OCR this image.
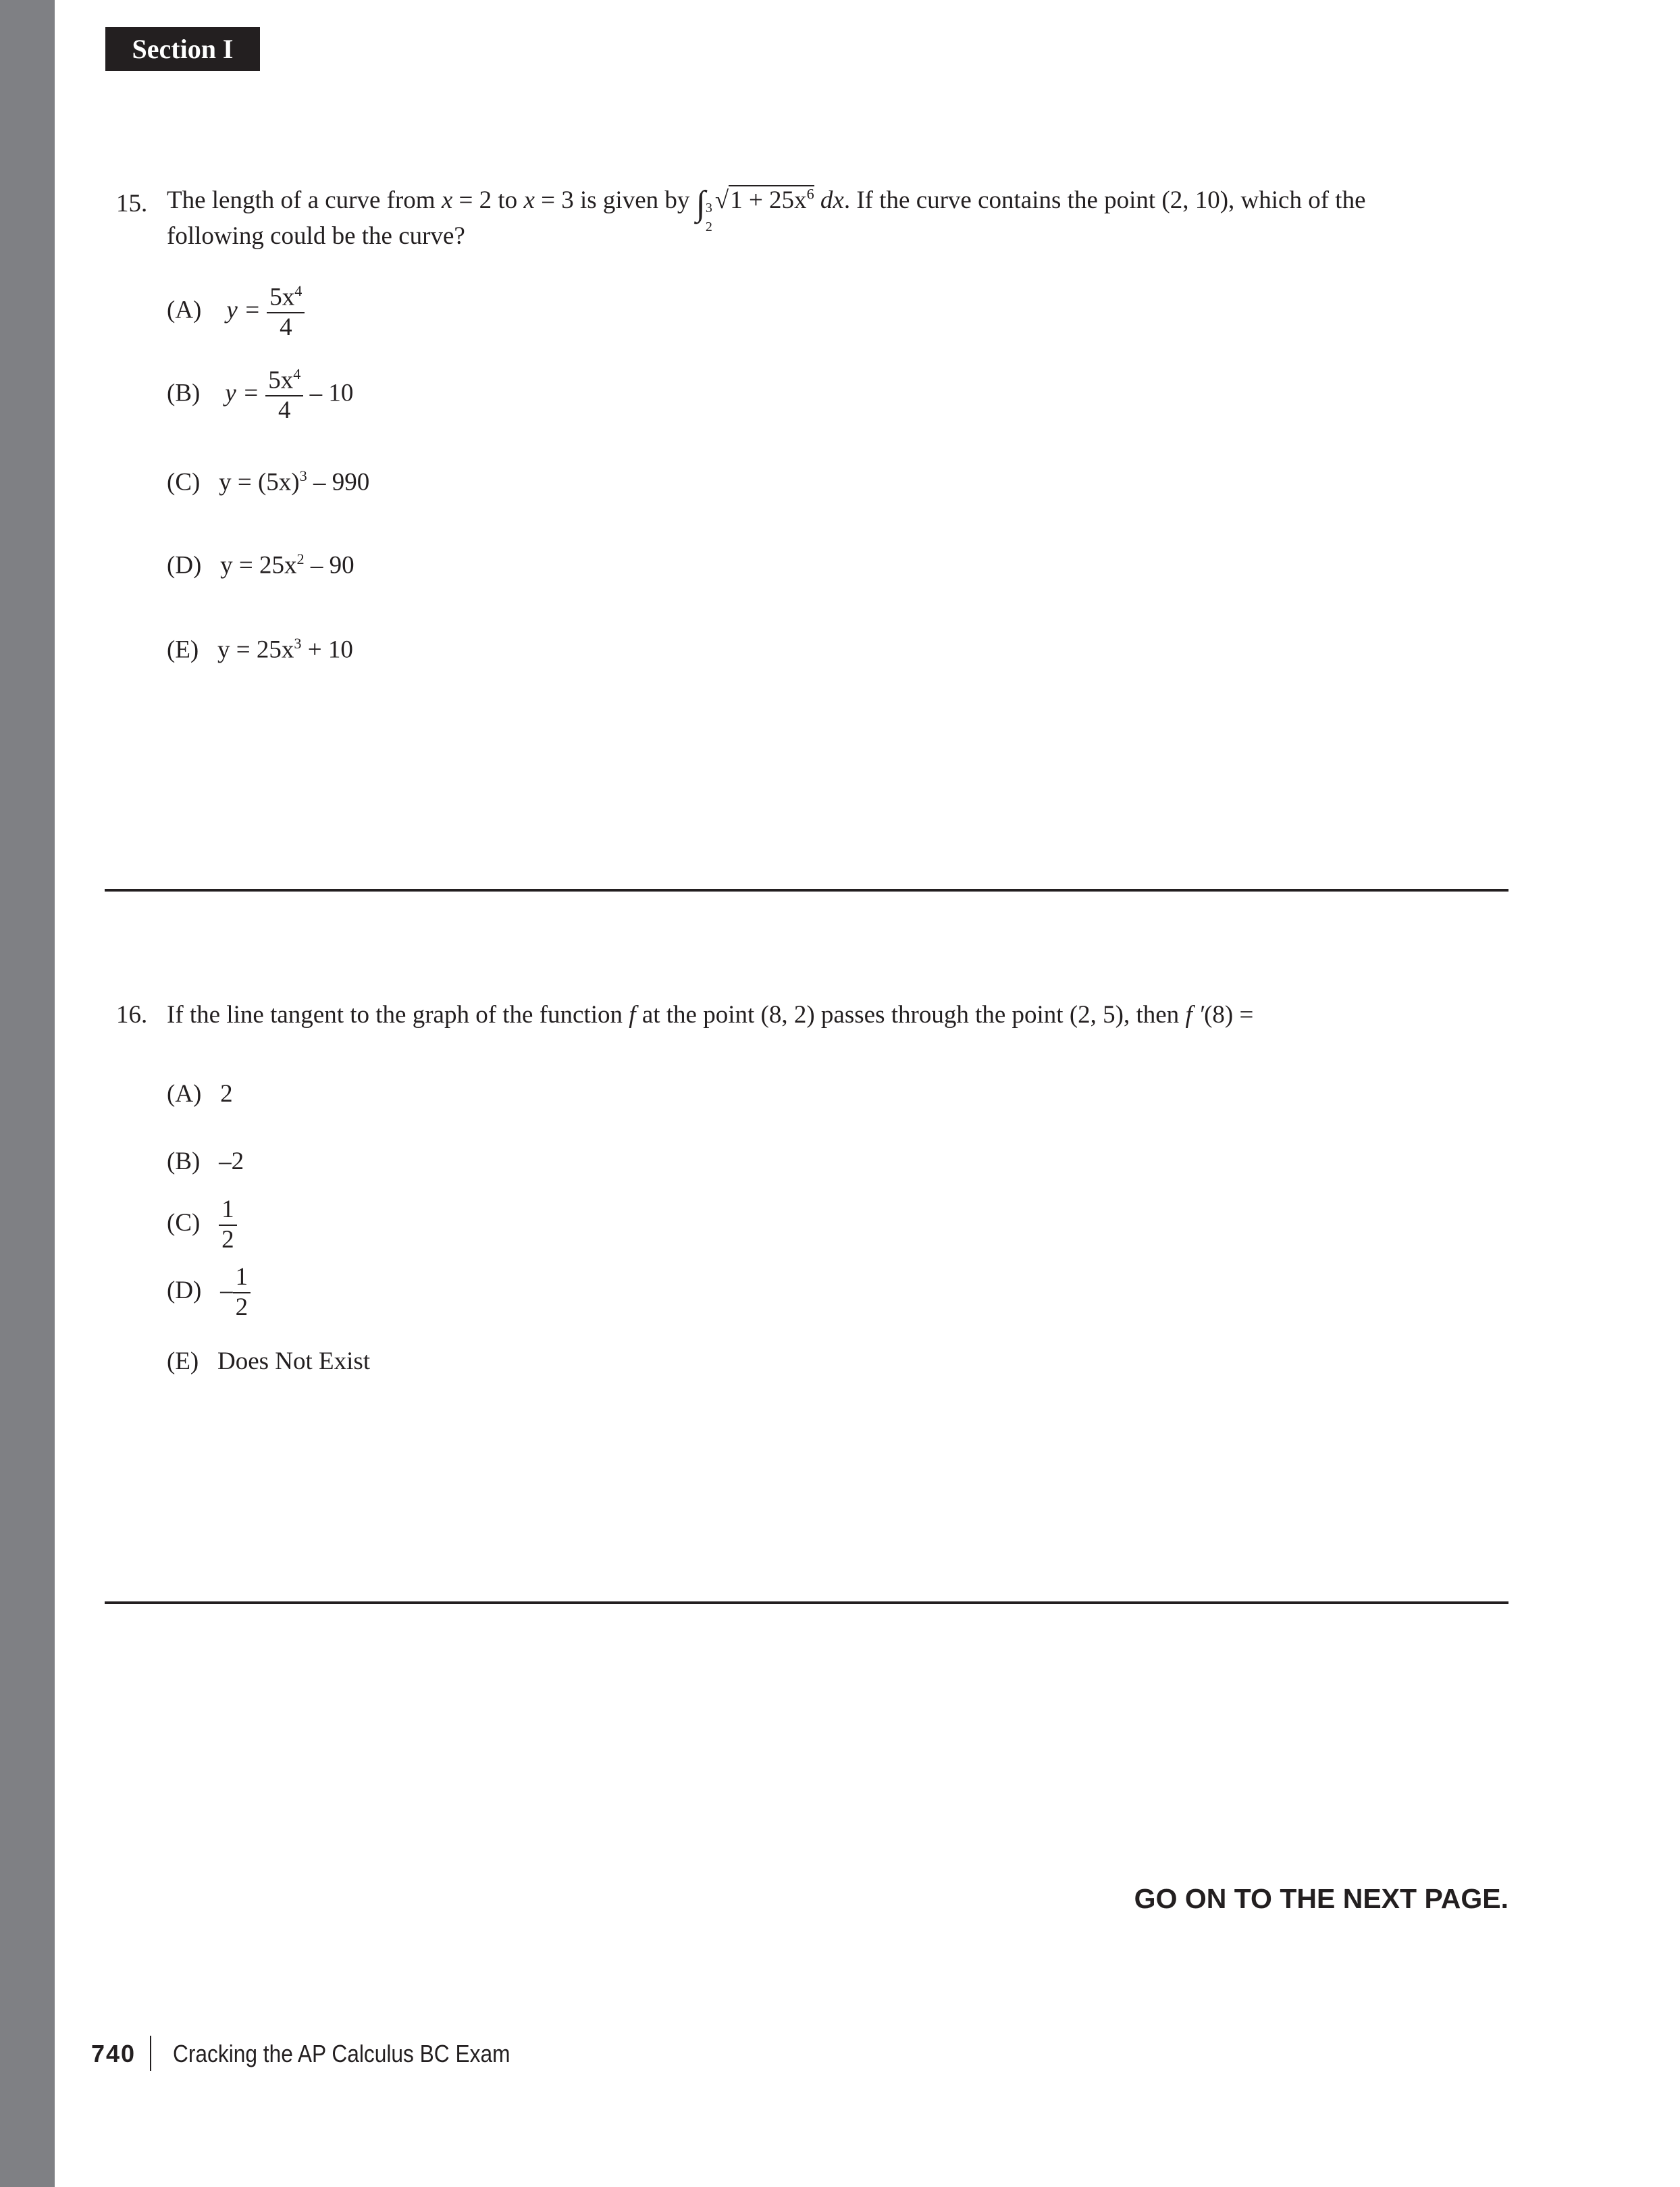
Section I
15. The length of a curve from x = 2 to x = 3 is given by ∫ 3
2
$√1 + 25x^6$ dx. If the curve contains the point (2, 10), which of the
following could be the curve?
(A) $y = \frac{5x^4}{4}$
(B) $y = \frac{5x^4}{4} - 10$
(C) $y = (5x)^3 - 990$
(D) $y = 25x^2 - 90$
(E) $y = 25x^3 + 10$
16. If the line tangent to the graph of the function f at the point (8, 2) passes through the point (2, 5), then f ′(8) =
(A) 2
(B) –2
$(C) \frac{1}{2}$
$(D) - \frac{1}{2}$
(E) Does Not Exist
GO ON TO THE NEXT PAGE.
740 Cracking the AP Calculus BC Exam
